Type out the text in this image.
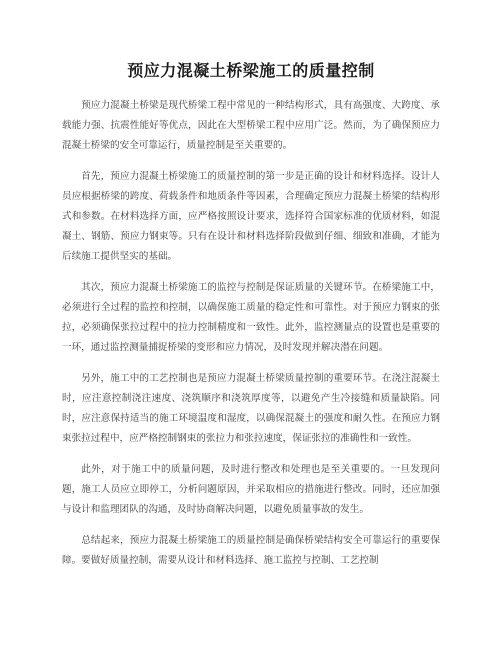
预应力混凝土桥梁施工的质量控制

预应力混凝土桥梁是现代桥梁工程中常见的一种结构形式，具有高强度、大跨度、承载能力强、抗震性能好等优点，因此在大型桥梁工程中应用广泛。然而，为了确保预应力混凝土桥梁的安全可靠运行，质量控制是至关重要的。

首先，预应力混凝土桥梁施工的质量控制的第一步是正确的设计和材料选择。设计人员应根据桥梁的跨度、荷载条件和地质条件等因素，合理确定预应力混凝土桥梁的结构形式和参数。在材料选择方面，应严格按照设计要求，选择符合国家标准的优质材料，如混凝土、钢筋、预应力钢束等。只有在设计和材料选择阶段做到仔细、细致和准确，才能为后续施工提供坚实的基础。

其次，预应力混凝土桥梁施工的监控与控制是保证质量的关键环节。在桥梁施工中，必须进行全过程的监控和控制，以确保施工质量的稳定性和可靠性。对于预应力钢束的张拉，必须确保张拉过程中的拉力控制精度和一致性。此外，监控测量点的设置也是重要的一环，通过监控测量捕捉桥梁的变形和应力情况，及时发现并解决潜在问题。

另外，施工中的工艺控制也是预应力混凝土桥梁质量控制的重要环节。在浇注混凝土时，应注意控制浇注速度、浇筑顺序和浇筑厚度等，以避免产生冷接缝和质量缺陷。同时，应注意保持适当的施工环境温度和湿度，以确保混凝土的强度和耐久性。在预应力钢束张拉过程中，应严格控制钢束的张拉力和张拉速度，保证张拉的准确性和一致性。

此外，对于施工中的质量问题，及时进行整改和处理也是至关重要的。一旦发现问题，施工人员应立即停工，分析问题原因，并采取相应的措施进行整改。同时，还应加强与设计和监理团队的沟通，及时协商解决问题，以避免质量事故的发生。

总结起来，预应力混凝土桥梁施工的质量控制是确保桥梁结构安全可靠运行的重要保障。要做好质量控制，需要从设计和材料选择、施工监控与控制、工艺控制
